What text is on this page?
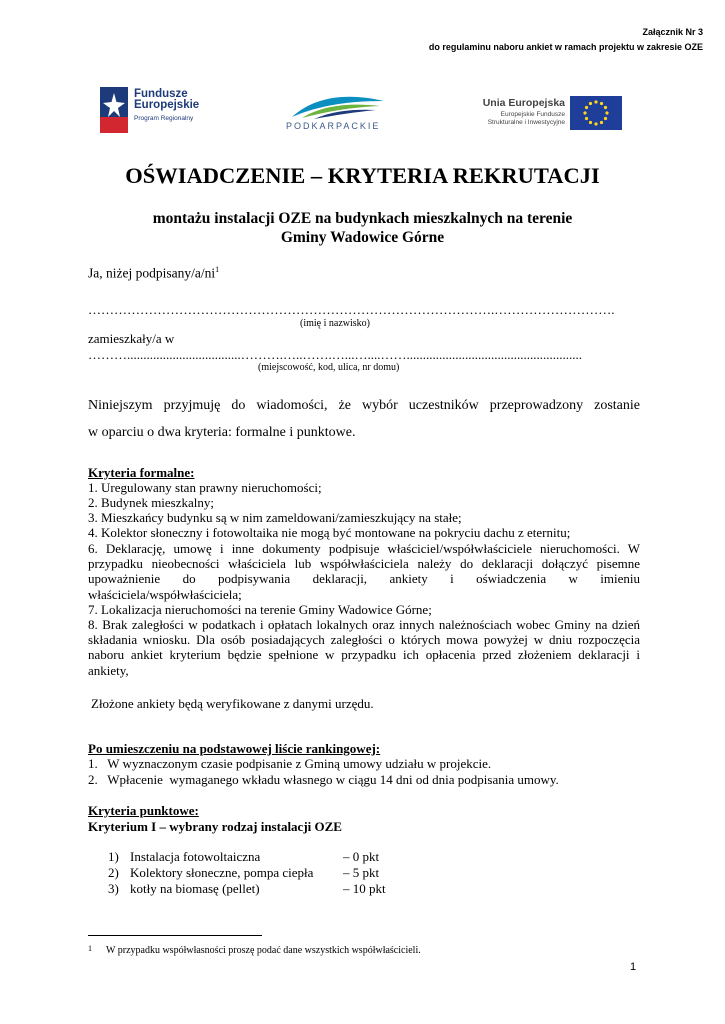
Załącznik Nr 3
do regulaminu naboru ankiet w ramach projektu w zakresie OZE
Fundusze
Europejskie
Program Regionalny
PODKARPACKIE
Unia Europejska
Europejskie Fundusze
Strukturalne i Inwestycyjne
OŚWIADCZENIE – KRYTERIA REKRUTACJI
montażu instalacji OZE na budynkach mieszkalnych na terenie
Gminy Wadowice Górne
Ja, niżej podpisany/$a/ni^1$
………………………………………………………………………………….……………………….
(imię i nazwisko)
zamieszkały/a w
………...................................……….…..…….…...…....……......................................................
(miejscowość, kod, ulica, nr domu)
Niniejszym przyjmuję do wiadomości, że wybór uczestników przeprowadzony zostanie
w oparciu o dwa kryteria: formalne i punktowe.
Kryteria formalne:
1. Uregulowany stan prawny nieruchomości;
2. Budynek mieszkalny;
3. Mieszkańcy budynku są w nim zameldowani/zamieszkujący na stałe;
4. Kolektor słoneczny i fotowoltaika nie mogą być montowane na pokryciu dachu z eternitu;
6. Deklarację, umowę i inne dokumenty podpisuje właściciel/współwłaściciele nieruchomości. W przypadku nieobecności właściciela lub współwłaściciela należy do deklaracji dołączyć pisemne upoważnienie do podpisywania deklaracji, ankiety i oświadczenia w imieniu właściciela/współwłaściciela;
7. Lokalizacja nieruchomości na terenie Gminy Wadowice Górne;
8. Brak zaległości w podatkach i opłatach lokalnych oraz innych należnościach wobec Gminy na dzień składania wniosku. Dla osób posiadających zaległości o których mowa powyżej w dniu rozpoczęcia naboru ankiet kryterium będzie spełnione w przypadku ich opłacenia przed złożeniem deklaracji i ankiety,
Złożone ankiety będą weryfikowane z danymi urzędu.
Po umieszczeniu na podstawowej liście rankingowej:
1.   W wyznaczonym czasie podpisanie z Gminą umowy udziału w projekcie.
2.   Wpłacenie  wymaganego wkładu własnego w ciągu 14 dni od dnia podpisania umowy.
Kryteria punktowe:
Kryterium I – wybrany rodzaj instalacji OZE
1) Instalacja fotowoltaiczna	– 0 pkt
2) Kolektory słoneczne, pompa ciepła – 5 pkt
3) kotły na biomasę (pellet)	– 10 pkt
1 W przypadku współwłasności proszę podać dane wszystkich współwłaścicieli.
1
